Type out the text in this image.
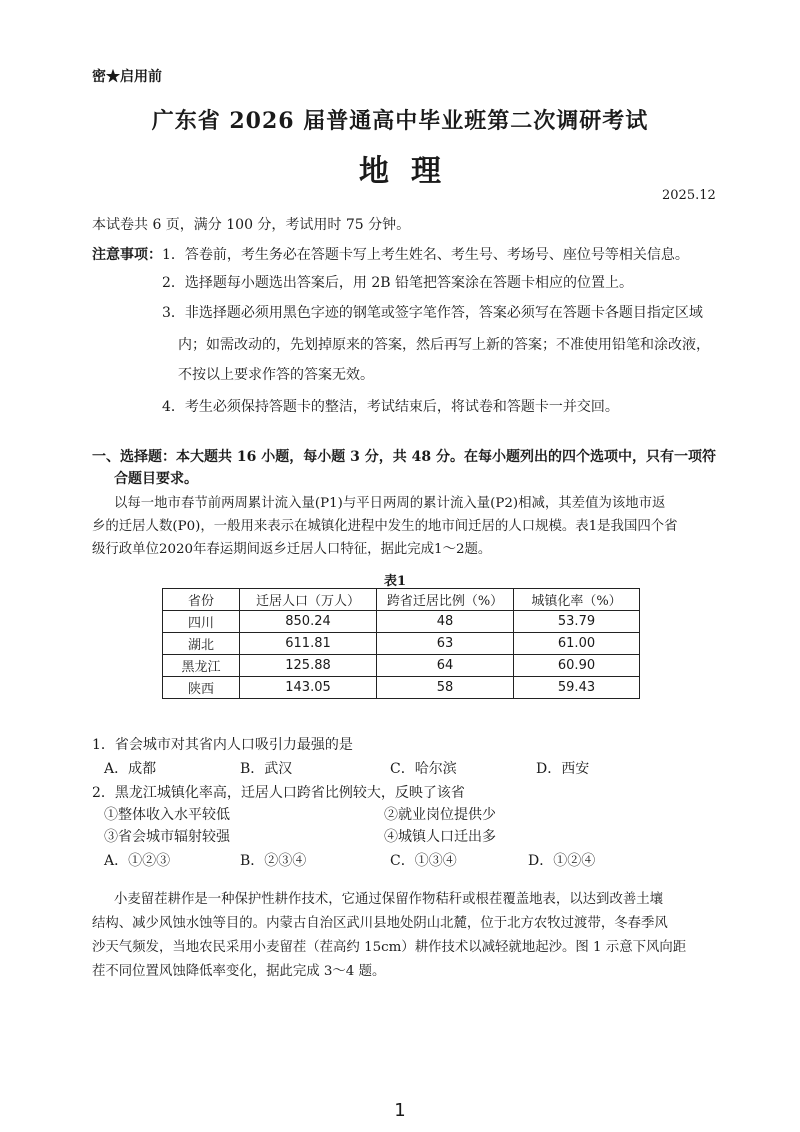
密★启用前
广东省 2026 届普通高中毕业班第二次调研考试
地理
2025.12
本试卷共 6 页，满分 100 分，考试用时 75 分钟。
注意事项：1．答卷前，考生务必在答题卡写上考生姓名、考生号、考场号、座位号等相关信息。
2．选择题每小题选出答案后，用 2B 铅笔把答案涂在答题卡相应的位置上。
3．非选择题必须用黑色字迹的钢笔或签字笔作答，答案必须写在答题卡各题目指定区域
内；如需改动的，先划掉原来的答案，然后再写上新的答案；不准使用铅笔和涂改液，
不按以上要求作答的答案无效。
4．考生必须保持答题卡的整洁，考试结束后，将试卷和答题卡一并交回。
一、选择题：本大题共 16 小题，每小题 3 分，共 48 分。在每小题列出的四个选项中，只有一项符
合题目要求。
以每一地市春节前两周累计流入量(P1)与平日两周的累计流入量(P2)相减，其差值为该地市返
乡的迁居人数(P0)，一般用来表示在城镇化进程中发生的地市间迁居的人口规模。表1是我国四个省
级行政单位2020年春运期间返乡迁居人口特征，据此完成1～2题。
表1
省份	迁居人口（万人）	跨省迁居比例（%）	城镇化率（%）
四川	850.24	48	53.79
湖北	611.81	63	61.00
黑龙江	125.88	64	60.90
陕西	143.05	58	59.43
1．省会城市对其省内人口吸引力最强的是
A．成都	B．武汉	C．哈尔滨	D．西安
2．黑龙江城镇化率高，迁居人口跨省比例较大，反映了该省
①整体收入水平较低	②就业岗位提供少
③省会城市辐射较强	④城镇人口迁出多
A．①②③	B．②③④	C．①③④	D．①②④
小麦留茬耕作是一种保护性耕作技术，它通过保留作物秸秆或根茬覆盖地表，以达到改善土壤
结构、减少风蚀水蚀等目的。内蒙古自治区武川县地处阴山北麓，位于北方农牧过渡带，冬春季风
沙天气频发，当地农民采用小麦留茬（茬高约 15cm）耕作技术以减轻就地起沙。图 1 示意下风向距
茬不同位置风蚀降低率变化，据此完成 3～4 题。
1
